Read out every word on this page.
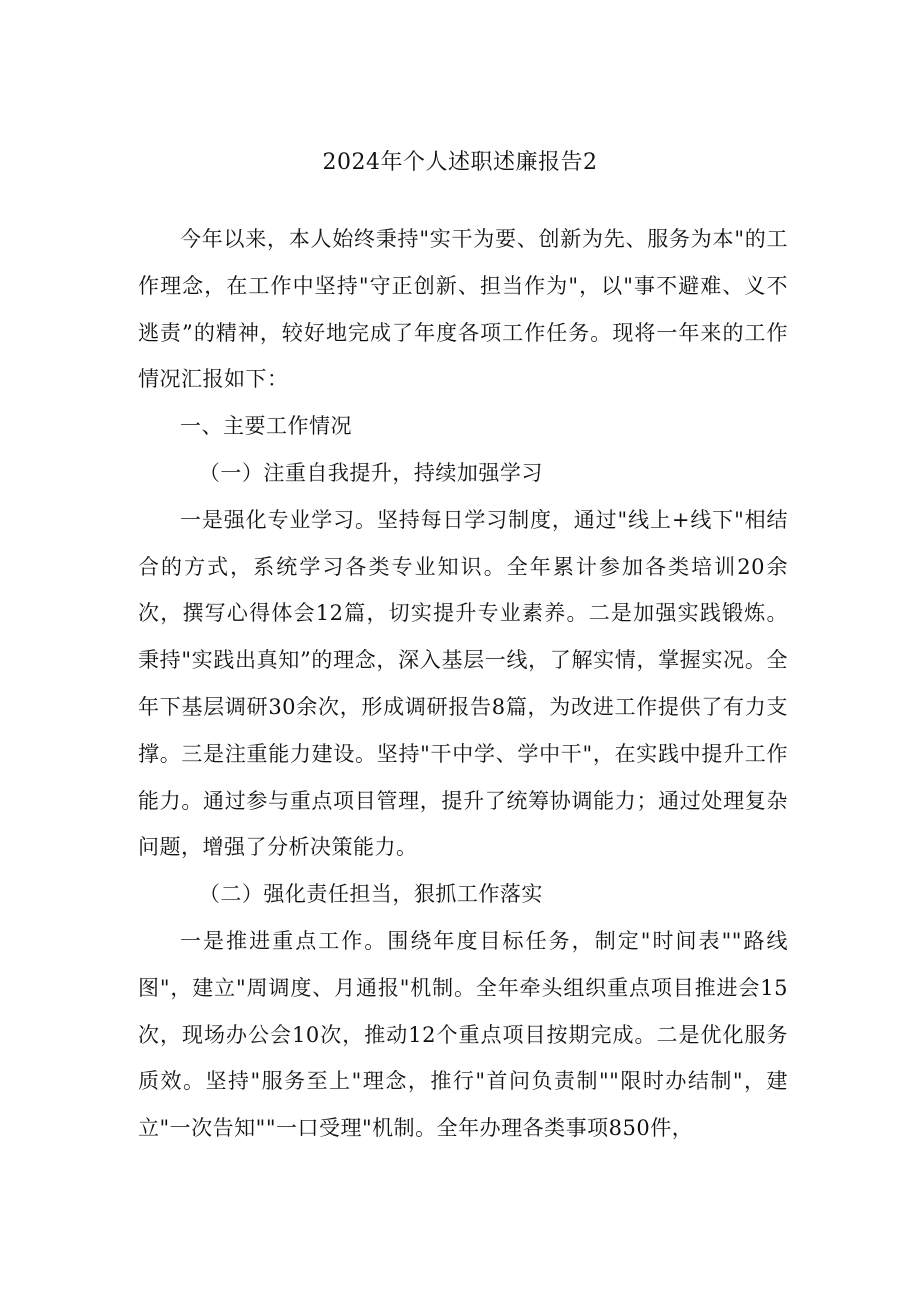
2024年个人述职述廉报告2

今年以来，本人始终秉持"实干为要、创新为先、服务为本"的工作理念，在工作中坚持"守正创新、担当作为"，以"事不避难、义不逃责”的精神，较好地完成了年度各项工作任务。现将一年来的工作情况汇报如下：

一、主要工作情况

（一）注重自我提升，持续加强学习

一是强化专业学习。坚持每日学习制度，通过"线上+线下"相结合的方式，系统学习各类专业知识。全年累计参加各类培训20余次，撰写心得体会12篇，切实提升专业素养。二是加强实践锻炼。秉持"实践出真知”的理念，深入基层一线，了解实情，掌握实况。全年下基层调研30余次，形成调研报告8篇，为改进工作提供了有力支撑。三是注重能力建设。坚持"干中学、学中干"，在实践中提升工作能力。通过参与重点项目管理，提升了统筹协调能力；通过处理复杂问题，增强了分析决策能力。

（二）强化责任担当，狠抓工作落实

一是推进重点工作。围绕年度目标任务，制定"时间表""路线图"，建立"周调度、月通报"机制。全年牵头组织重点项目推进会15次，现场办公会10次，推动12个重点项目按期完成。二是优化服务质效。坚持"服务至上"理念，推行"首问负责制""限时办结制"，建立"一次告知""一口受理"机制。全年办理各类事项850件，
